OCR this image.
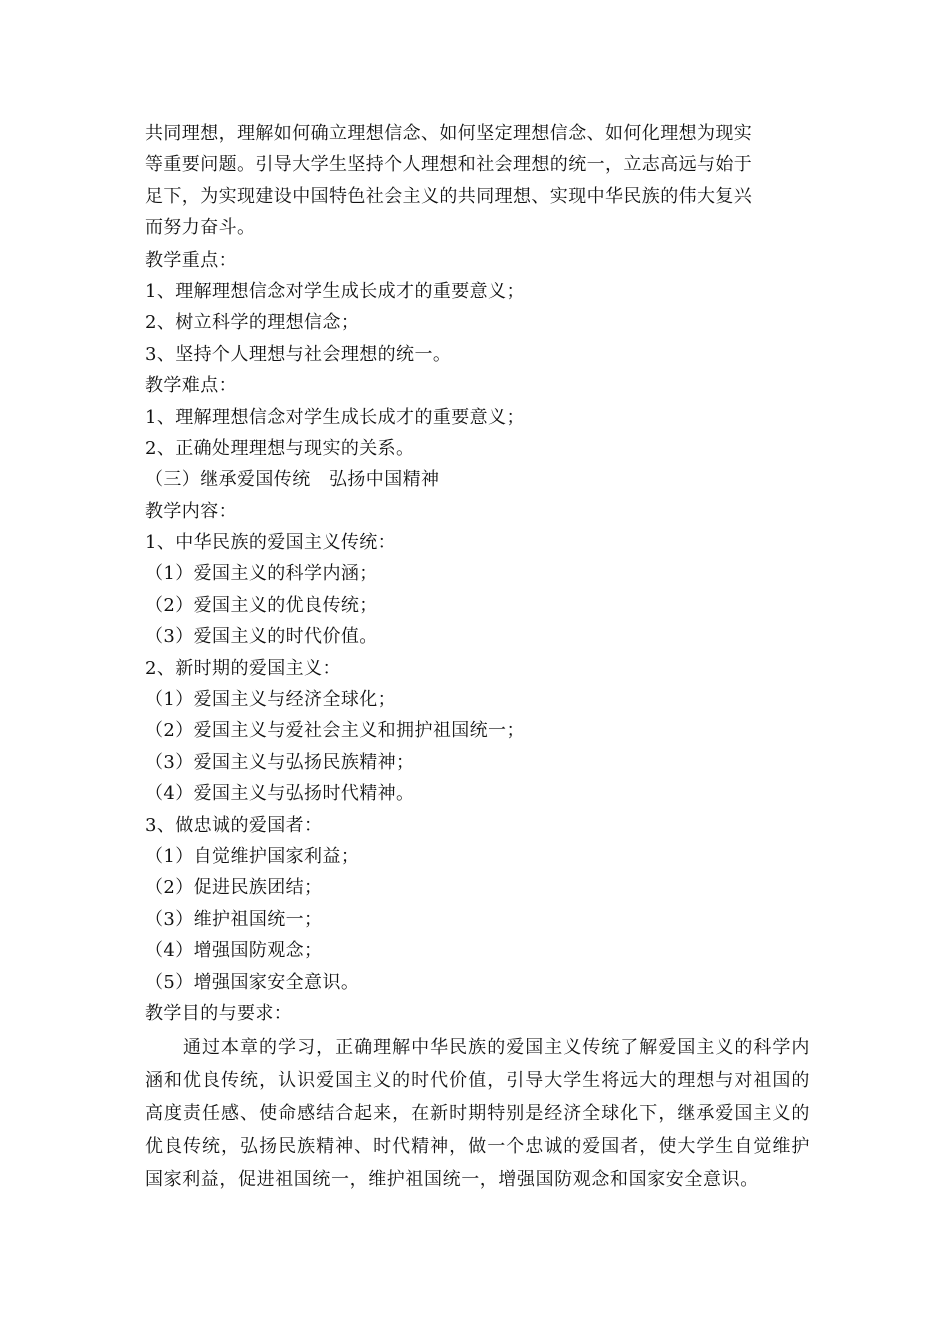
共同理想，理解如何确立理想信念、如何坚定理想信念、如何化理想为现实
等重要问题。引导大学生坚持个人理想和社会理想的统一，立志高远与始于
足下，为实现建设中国特色社会主义的共同理想、实现中华民族的伟大复兴
而努力奋斗。
教学重点：
1、理解理想信念对学生成长成才的重要意义；
2、树立科学的理想信念；
3、坚持个人理想与社会理想的统一。
教学难点：
1、理解理想信念对学生成长成才的重要意义；
2、正确处理理想与现实的关系。
（三）继承爱国传统　弘扬中国精神
教学内容：
1、中华民族的爱国主义传统：
（1）爱国主义的科学内涵；
（2）爱国主义的优良传统；
（3）爱国主义的时代价值。
2、新时期的爱国主义：
（1）爱国主义与经济全球化；
（2）爱国主义与爱社会主义和拥护祖国统一；
（3）爱国主义与弘扬民族精神；
（4）爱国主义与弘扬时代精神。
3、做忠诚的爱国者：
（1）自觉维护国家利益；
（2）促进民族团结；
（3）维护祖国统一；
（4）增强国防观念；
（5）增强国家安全意识。
教学目的与要求：
通过本章的学习，正确理解中华民族的爱国主义传统了解爱国主义的科学内涵和优良传统，认识爱国主义的时代价值，引导大学生将远大的理想与对祖国的高度责任感、使命感结合起来，在新时期特别是经济全球化下，继承爱国主义的优良传统，弘扬民族精神、时代精神，做一个忠诚的爱国者，使大学生自觉维护国家利益，促进祖国统一，维护祖国统一，增强国防观念和国家安全意识。
